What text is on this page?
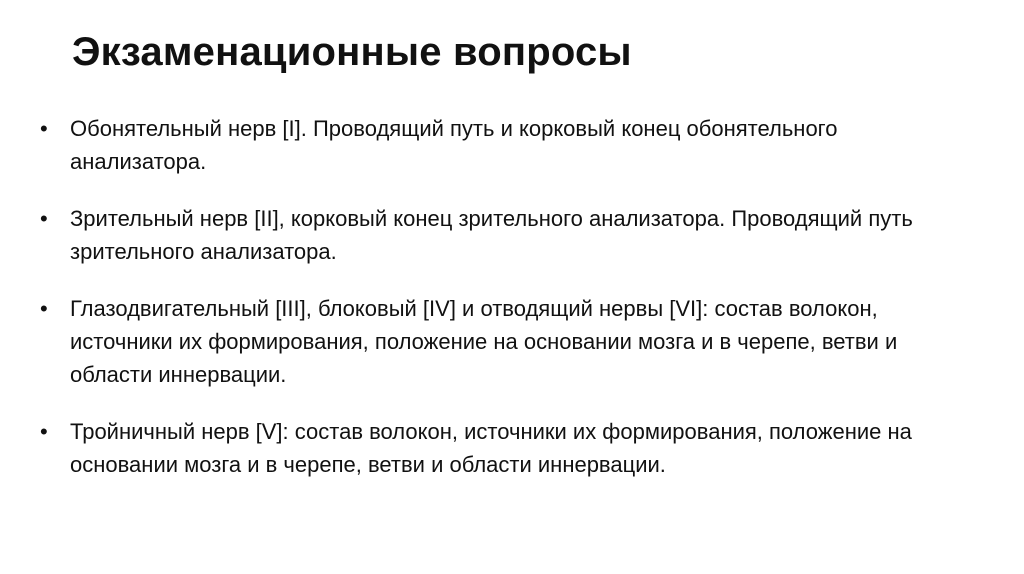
Экзаменационные вопросы
• Обонятельный нерв [I]. Проводящий путь и корковый конец обонятельного анализатора.
• Зрительный нерв [II], корковый конец зрительного анализатора. Проводящий путь зрительного анализатора.
• Глазодвигательный [III], блоковый [IV] и отводящий нервы [VI]: состав волокон, источники их формирования, положение на основании мозга и в черепе, ветви и области иннервации.
• Тройничный нерв [V]: состав волокон, источники их формирования, положение на основании мозга и в черепе, ветви и области иннервации.
